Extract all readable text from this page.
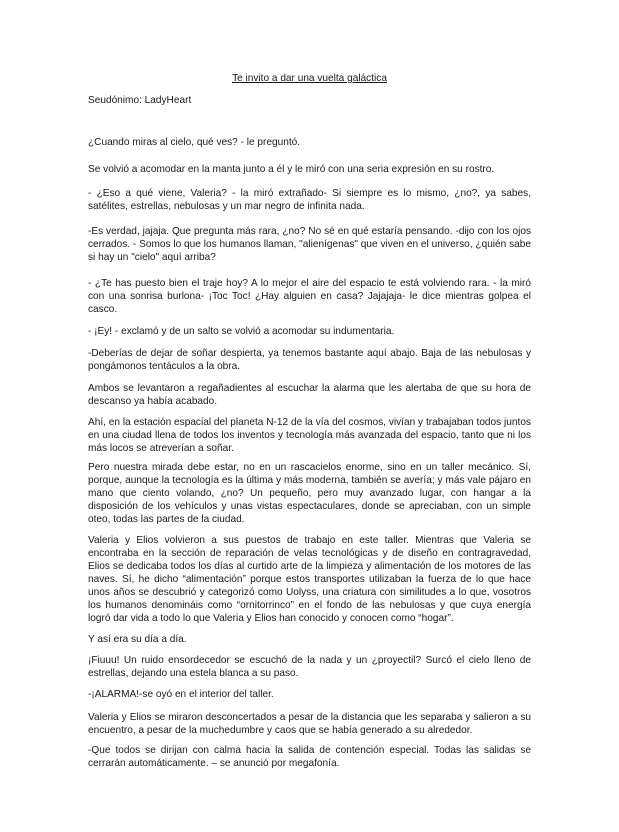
Te invito a dar una vuelta galáctica

Seudónimo: LadyHeart

¿Cuando miras al cielo, qué ves? - le preguntó.

Se volvió a acomodar en la manta junto a él y le miró con una seria expresión en su rostro.

- ¿Eso a qué viene, Valeria? - la miró extrañado- Si siempre es lo mismo, ¿no?, ya sabes, satélites, estrellas, nebulosas y un mar negro de infinita nada.

-Es verdad, jajaja. Que pregunta más rara, ¿no? No sé en qué estaría pensando. -dijo con los ojos cerrados. - Somos lo que los humanos llaman, "alienígenas" que viven en el universo, ¿quién sabe si hay un "cielo" aquí arriba?

- ¿Te has puesto bien el traje hoy? A lo mejor el aire del espacio te está volviendo rara. - la miró con una sonrisa burlona- ¡Toc Toc! ¿Hay alguien en casa? Jajajaja- le dice mientras golpea el casco.

- ¡Ey! - exclamó y de un salto se volvió a acomodar su indumentaria.

-Deberías de dejar de soñar despierta, ya tenemos bastante aquí abajo. Baja de las nebulosas y pongámonos tentáculos a la obra.

Ambos se levantaron a regañadientes al escuchar la alarma que les alertaba de que su hora de descanso ya había acabado.

Ahí, en la estación espacial del planeta N-12 de la vía del cosmos, vivían y trabajaban todos juntos en una ciudad llena de todos los inventos y tecnología más avanzada del espacio, tanto que ni los más locos se atreverían a soñar.

Pero nuestra mirada debe estar, no en un rascacielos enorme, sino en un taller mecánico. Sí, porque, aunque la tecnología es la última y más moderna, también se avería; y más vale pájaro en mano que ciento volando, ¿no? Un pequeño, pero muy avanzado lugar, con hangar a la disposición de los vehículos y unas vistas espectaculares, donde se apreciaban, con un simple oteo, todas las partes de la ciudad.

Valeria y Elios volvieron a sus puestos de trabajo en este taller. Mientras que Valeria se encontraba en la sección de reparación de velas tecnológicas y de diseño en contragravedad, Elios se dedicaba todos los días al curtido arte de la limpieza y alimentación de los motores de las naves. Sí, he dicho “alimentación” porque estos transportes utilizaban la fuerza de lo que hace unos años se descubrió y categorizó como Uolyss, una criatura con similitudes a lo que, vosotros los humanos denomináis como “ornitorrinco” en el fondo de las nebulosas y que cuya energía logró dar vida a todo lo que Valeria y Elios han conocido y conocen como “hogar”.

Y así era su día a día.

¡Fiuuu! Un ruido ensordecedor se escuchó de la nada y un ¿proyectil? Surcó el cielo lleno de estrellas, dejando una estela blanca a su paso.

-¡ALARMA!-se oyó en el interior del taller.

Valeria y Elios se miraron desconcertados a pesar de la distancia que les separaba y salieron a su encuentro, a pesar de la muchedumbre y caos que se había generado a su alrededor.

-Que todos se dirijan con calma hacia la salida de contención especial. Todas las salidas se cerrarán automáticamente. – se anunció por megafonía.
